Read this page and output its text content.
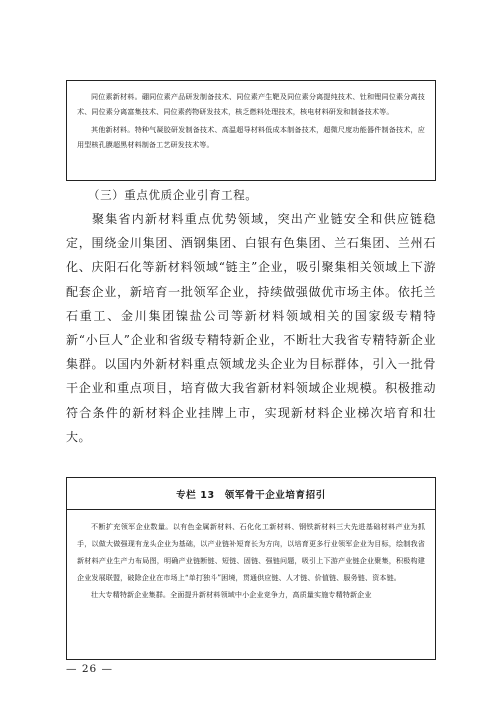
同位素新材料。硼同位素产品研发制备技术、同位素产生靶及同位素分离提纯技术、钍和锂同位素分离技术、同位素分离富集技术、同位素药物研发技术，核乏燃料处理技术，核电材料研发和制备技术等。

其他新材料。特种气凝胶研发制备技术、高温超导材料低成本制备技术，超微尺度功能器件制备技术，应用型核孔膜超黑材料制备工艺研发技术等。

（三）重点优质企业引育工程。

聚集省内新材料重点优势领域，突出产业链安全和供应链稳定，围绕金川集团、酒钢集团、白银有色集团、兰石集团、兰州石化、庆阳石化等新材料领域“链主”企业，吸引聚集相关领域上下游配套企业，新培育一批领军企业，持续做强做优市场主体。依托兰石重工、金川集团镍盐公司等新材料领域相关的国家级专精特新“小巨人”企业和省级专精特新企业，不断壮大我省专精特新企业集群。以国内外新材料重点领域龙头企业为目标群体，引入一批骨干企业和重点项目，培育做大我省新材料领域企业规模。积极推动符合条件的新材料企业挂牌上市，实现新材料企业梯次培育和壮大。

专栏 13　领军骨干企业培育招引

不断扩充领军企业数量。以有色金属新材料、石化化工新材料、钢铁新材料三大先进基础材料产业为抓手，以做大做强现有龙头企业为基础，以产业链补短育长为方向，以培育更多行业领军企业为目标，绘制我省新材料产业生产力布局图，明确产业链断链、短链、固链、强链问题，吸引上下游产业链企业聚集，积极构建企业发展联盟，破除企业在市场上“单打独斗”困境，贯通供应链、人才链、价值链、服务链、资本链。

壮大专精特新企业集群。全面提升新材料领域中小企业竞争力，高质量实施专精特新企业

— 26 —
